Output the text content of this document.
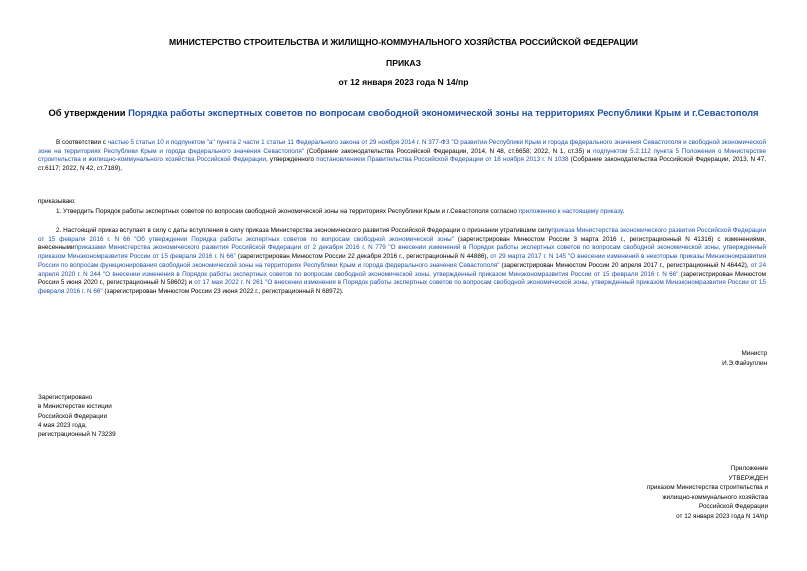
МИНИСТЕРСТВО СТРОИТЕЛЬСТВА И ЖИЛИЩНО-КОММУНАЛЬНОГО ХОЗЯЙСТВА РОССИЙСКОЙ ФЕДЕРАЦИИ
ПРИКАЗ
от 12 января 2023 года N 14/пр
Об утверждении Порядка работы экспертных советов по вопросам свободной экономической зоны на территориях Республики Крым и г.Севастополя
В соответствии с частью 5 статьи 10 и подпунктом "а" пункта 2 части 1 статьи 11 Федерального закона от 29 ноября 2014 г. N 377-ФЗ "О развитии Республики Крым и города федерального значения Севастополя и свободной экономической зоне на территориях Республики Крым и города федерального значения Севастополя" (Собрание законодательства Российской Федерации, 2014, N 48, ст.6658; 2022, N 1, ст.35) и подпунктом 5.2.112 пункта 5 Положения о Министерстве строительства и жилищно-коммунального хозяйства Российской Федерации, утвержденного постановлением Правительства Российской Федерации от 18 ноября 2013 г. N 1038 (Собрание законодательства Российской Федерации, 2013, N 47, ст.6117; 2022, N 42, ст.7189),
приказываю:
1. Утвердить Порядок работы экспертных советов по вопросам свободной экономической зоны на территориях Республики Крым и г.Севастополя согласно приложению к настоящему приказу.
2. Настоящий приказ вступает в силу с даты вступления в силу приказа Министерства экономического развития Российской Федерации о признании утратившим силуприказа Министерства экономического развития Российской Федерации от 15 февраля 2016 г. N 66 "Об утверждении Порядка работы экспертных советов по вопросам свободной экономической зоны" (зарегистрирован Минюстом России 3 марта 2016 г., регистрационный N 41316) с изменениями, внесеннымиприказами Министерства экономического развития Российской Федерации от 2 декабря 2016 г. N 779 "О внесении изменений в Порядок работы экспертных советов по вопросам свободной экономической зоны, утвержденный приказом Минэкономразвития России от 15 февраля 2016 г. N 66" (зарегистрирован Минюстом России 22 декабря 2016 г., регистрационный N 44886), от 29 марта 2017 г. N 145 "О внесении изменений в некоторые приказы Минэкономразвития России по вопросам функционирования свободной экономической зоны на территориях Республики Крым и города федерального значения Севастополя" (зарегистрирован Минюстом России 20 апреля 2017 г., регистрационный N 46442), от 24 апреля 2020 г. N 244 "О внесении изменения в Порядок работы экспертных советов по вопросам свободной экономической зоны, утвержденный приказом Минэкономразвития России от 15 февраля 2016 г. N 66" (зарегистрирован Минюстом России 5 июня 2020 г., регистрационный N 58602) и от 17 мая 2022 г. N 261 "О внесении изменения в Порядок работы экспертных советов по вопросам свободной экономической зоны, утвержденный приказом Минэкономразвития России от 15 февраля 2016 г. N 66" (зарегистрирован Минюстом России 23 июня 2022 г., регистрационный N 68972).
Министр
И.Э.Файзуллин
Зарегистрировано
в Министерстве юстиции
Российской Федерации
4 мая 2023 года,
регистрационный N 73239
Приложение
УТВЕРЖДЕН
приказом Министерства строительства и
жилищно-коммунального хозяйства
Российской Федерации
от 12 января 2023 года N 14/пр
